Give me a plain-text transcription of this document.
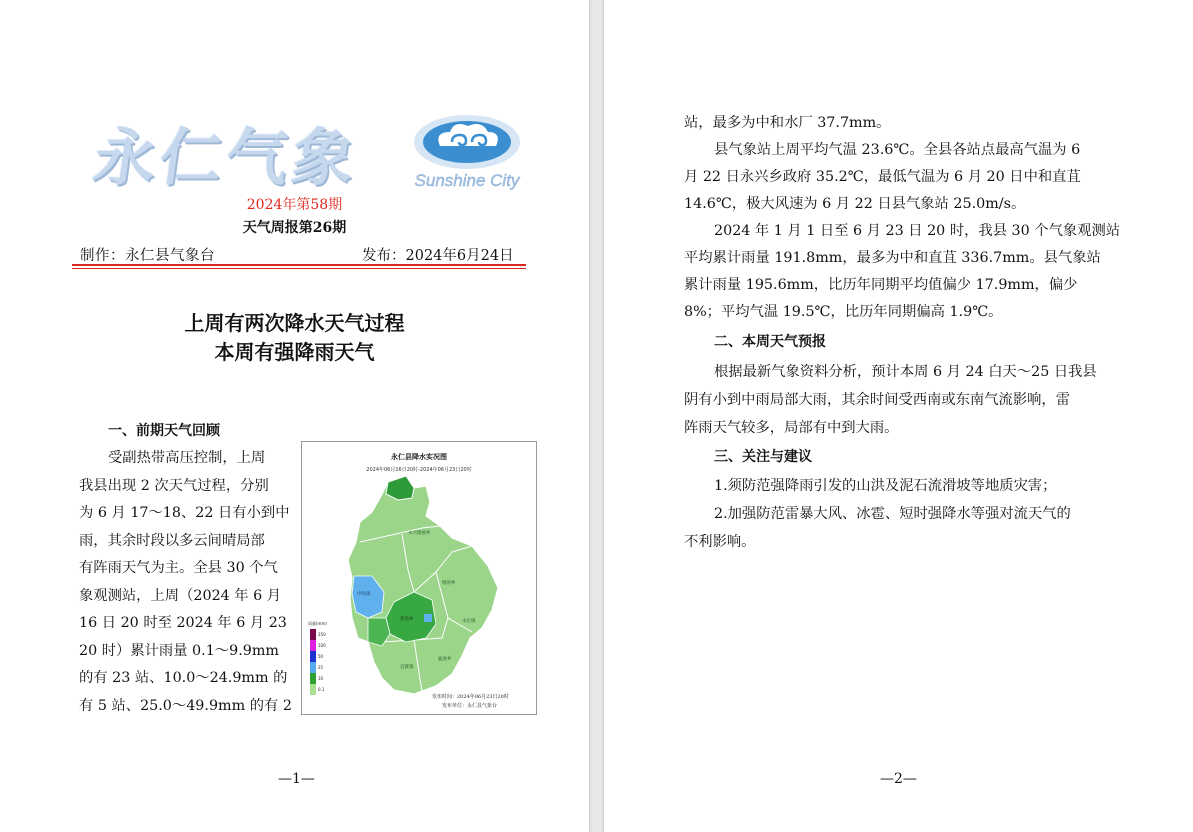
永仁气象	Sunshine City
2024年第58期
天气周报第26期
制作：永仁县气象台	发布：2024年6月24日
上周有两次降水天气过程
本周有强降雨天气
一、前期天气回顾
受副热带高压控制，上周
我县出现 2 次天气过程，分别
为 6 月 17～18、22 日有小到中
雨，其余时段以多云间晴局部
有阵雨天气为主。全县 30 个气
象观测站，上周（2024 年 6 月
16 日 20 时至 2024 年 6 月 23
20 时）累计雨量 0.1～9.9mm
的有 23 站、10.0～24.9mm 的
有 5 站、25.0～49.9mm 的有 2
永仁县降水实况图
2024年06月16日20时-2024年06月23日20时
永兴傣族乡
中和镇
维的乡
莲池乡	永定镇
宜就镇
猛虎乡
雨量(mm)
250
100
50
25
10
0.1
发布时间：2024年06月23日20时
发布单位：永仁县气象台
—1—
站，最多为中和水厂 37.7mm。
县气象站上周平均气温 23.6℃。全县各站点最高气温为 6
月 22 日永兴乡政府 35.2℃，最低气温为 6 月 20 日中和直苴
14.6℃，极大风速为 6 月 22 日县气象站 25.0m/s。
2024 年 1 月 1 日至 6 月 23 日 20 时，我县 30 个气象观测站
平均累计雨量 191.8mm，最多为中和直苴 336.7mm。县气象站
累计雨量 195.6mm，比历年同期平均值偏少 17.9mm，偏少
8%；平均气温 19.5℃，比历年同期偏高 1.9℃。
二、本周天气预报
根据最新气象资料分析，预计本周 6 月 24 白天～25 日我县
阴有小到中雨局部大雨，其余时间受西南或东南气流影响，雷
阵雨天气较多，局部有中到大雨。
三、关注与建议
1.须防范强降雨引发的山洪及泥石流滑坡等地质灾害；
2.加强防范雷暴大风、冰雹、短时强降水等强对流天气的
不利影响。
—2—
